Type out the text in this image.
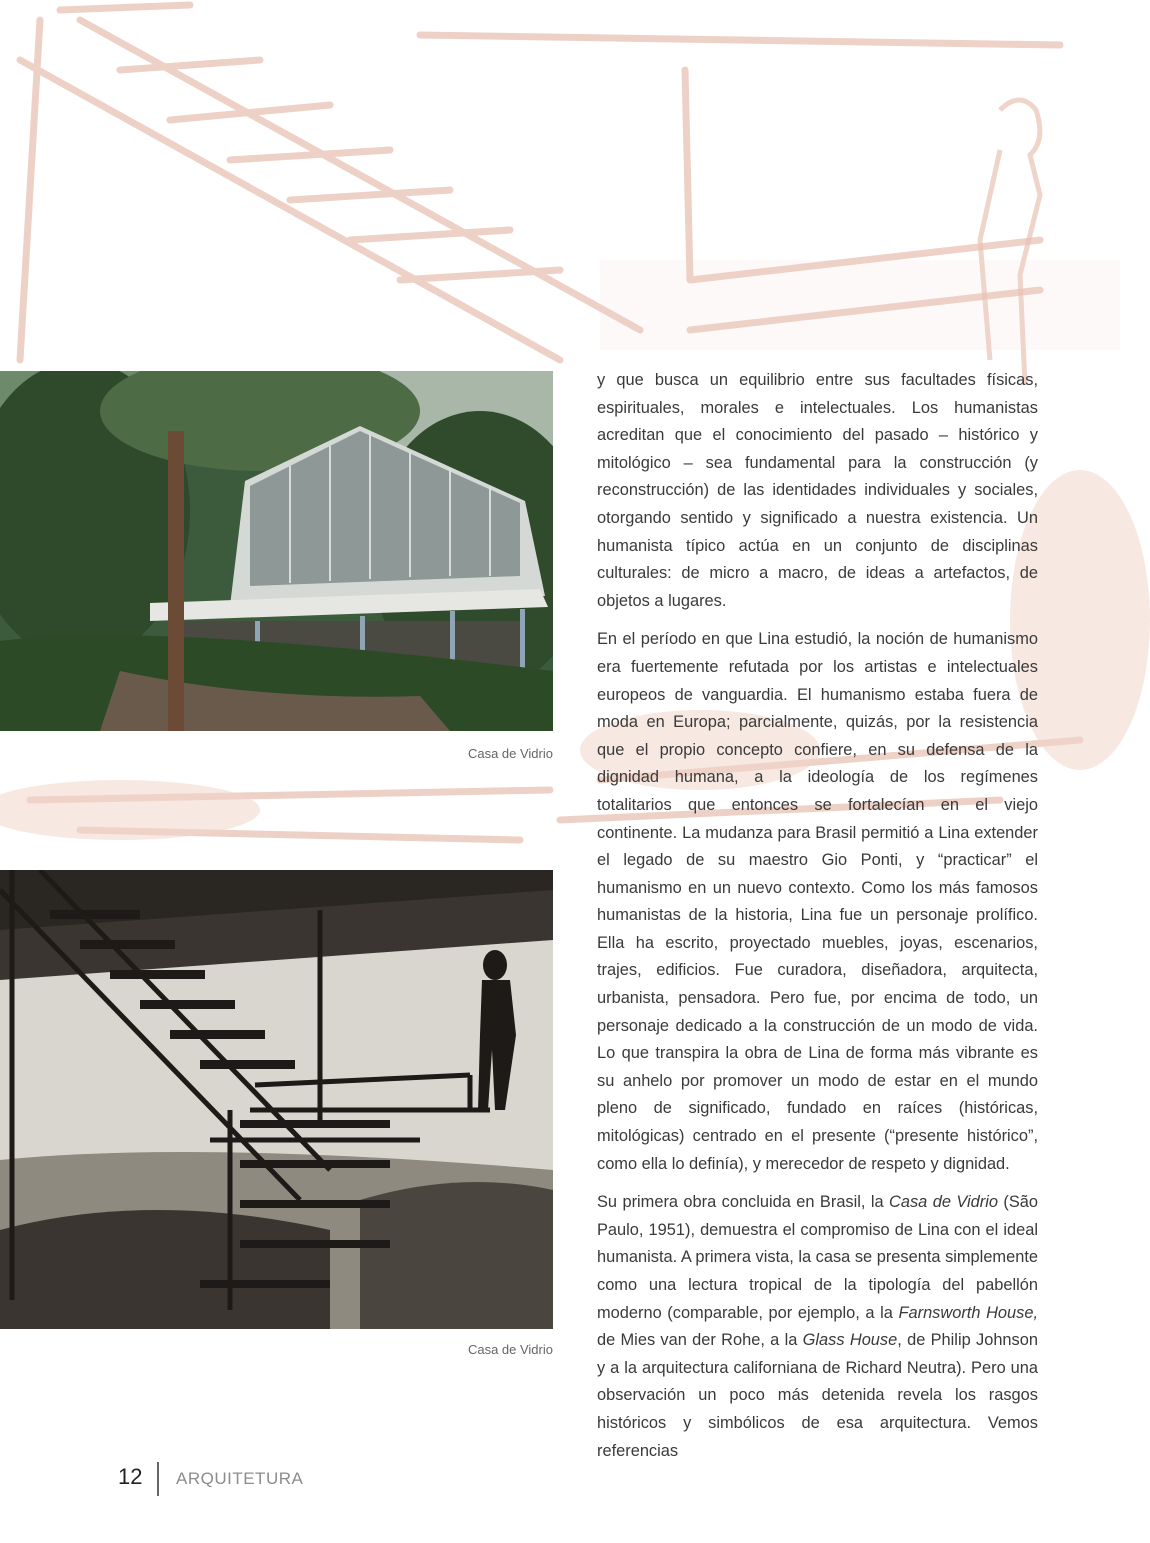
Casa de Vidrio
Casa de Vidrio

y que busca un equilibrio entre sus facultades físicas, espirituales, morales e intelectuales. Los humanistas acreditan que el conocimiento del pasado – histórico y mitológico – sea fundamental para la construcción (y reconstrucción) de las identidades individuales y sociales, otorgando sentido y significado a nuestra existencia. Un humanista típico actúa en un conjunto de disciplinas culturales: de micro a macro, de ideas a artefactos, de objetos a lugares.

En el período en que Lina estudió, la noción de humanismo era fuertemente refutada por los artistas e intelectuales europeos de vanguardia. El humanismo estaba fuera de moda en Europa; parcialmente, quizás, por la resistencia que el propio concepto confiere, en su defensa de la dignidad humana, a la ideología de los regímenes totalitarios que entonces se fortalecían en el viejo continente. La mudanza para Brasil permitió a Lina extender el legado de su maestro Gio Ponti, y “practicar” el humanismo en un nuevo contexto. Como los más famosos humanistas de la historia, Lina fue un personaje prolífico. Ella ha escrito, proyectado muebles, joyas, escenarios, trajes, edificios. Fue curadora, diseñadora, arquitecta, urbanista, pensadora. Pero fue, por encima de todo, un personaje dedicado a la construcción de un modo de vida. Lo que transpira la obra de Lina de forma más vibrante es su anhelo por promover un modo de estar en el mundo pleno de significado, fundado en raíces (históricas, mitológicas) centrado en el presente (“presente histórico”, como ella lo definía), y merecedor de respeto y dignidad.

Su primera obra concluida en Brasil, la Casa de Vidrio (São Paulo, 1951), demuestra el compromiso de Lina con el ideal humanista. A primera vista, la casa se presenta simplemente como una lectura tropical de la tipología del pabellón moderno (comparable, por ejemplo, a la Farnsworth House, de Mies van der Rohe, a la Glass House, de Philip Johnson y a la arquitectura californiana de Richard Neutra). Pero una observación un poco más detenida revela los rasgos históricos y simbólicos de esa arquitectura. Vemos referencias

12 ARQUITETURA
